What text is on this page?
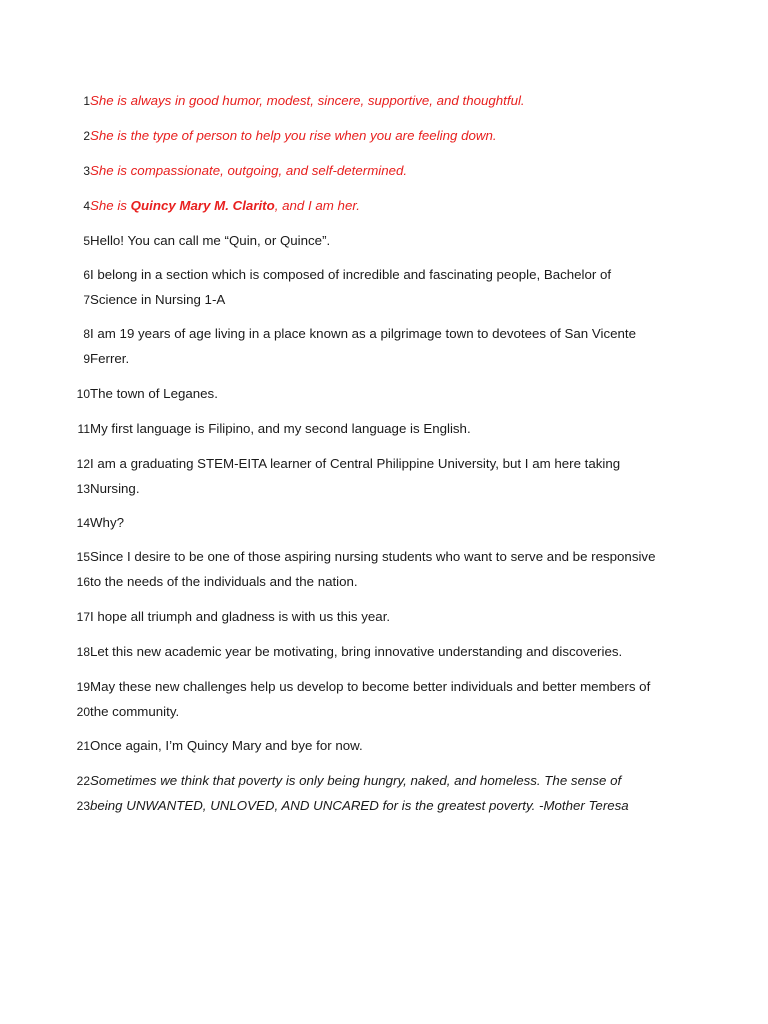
1She is always in good humor, modest, sincere, supportive, and thoughtful.
2She is the type of person to help you rise when you are feeling down.
3She is compassionate, outgoing, and self-determined.
4She is Quincy Mary M. Clarito, and I am her.
5Hello! You can call me “Quin, or Quince”.
6I belong in a section which is composed of incredible and fascinating people, Bachelor of
7Science in Nursing 1-A
8I am 19 years of age living in a place known as a pilgrimage town to devotees of San Vicente
9Ferrer.
10The town of Leganes.
11My first language is Filipino, and my second language is English.
12I am a graduating STEM-EITA learner of Central Philippine University, but I am here taking
13Nursing.
14Why?
15Since I desire to be one of those aspiring nursing students who want to serve and be responsive
16to the needs of the individuals and the nation.
17I hope all triumph and gladness is with us this year.
18Let this new academic year be motivating, bring innovative understanding and discoveries.
19May these new challenges help us develop to become better individuals and better members of
20the community.
21Once again, I’m Quincy Mary and bye for now.
22Sometimes we think that poverty is only being hungry, naked, and homeless. The sense of
23being UNWANTED, UNLOVED, AND UNCARED for is the greatest poverty. -Mother Teresa
